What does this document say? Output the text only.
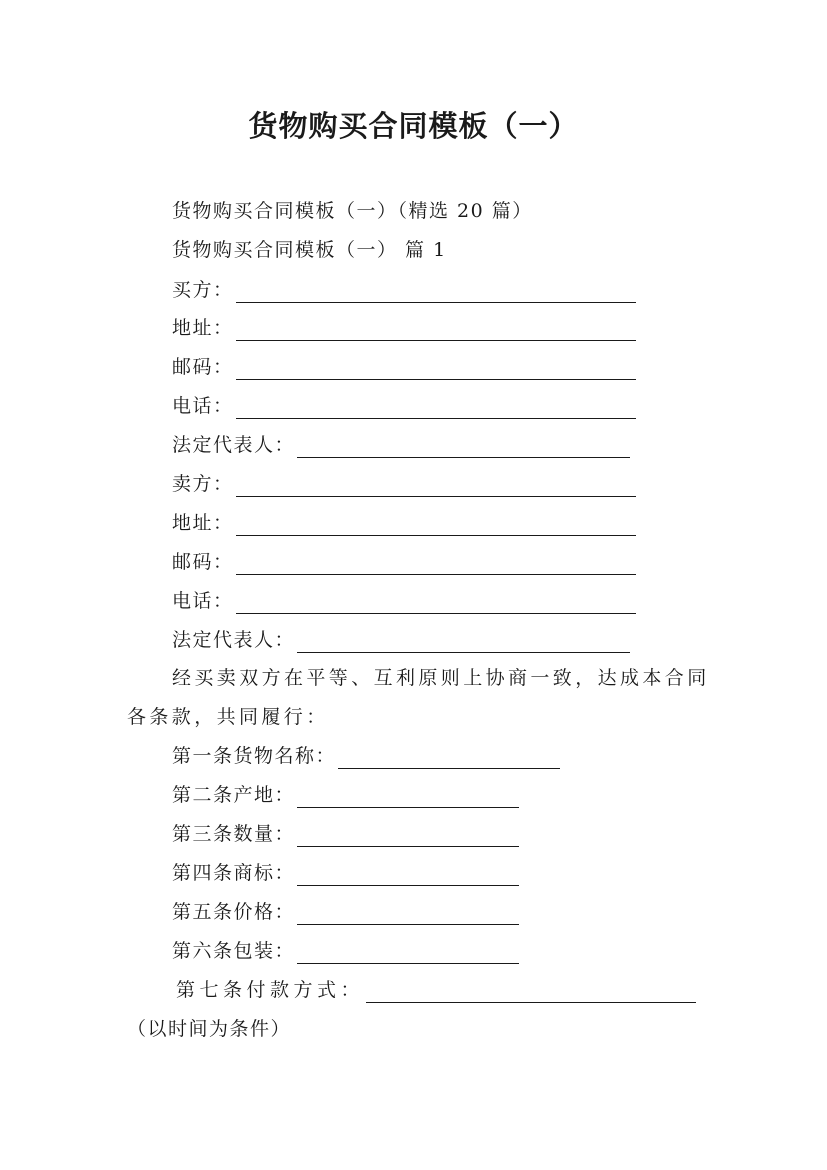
货物购买合同模板（一）
货物购买合同模板（一）（精选 20 篇）
货物购买合同模板（一） 篇 1
买方：
地址：
邮码：
电话：
法定代表人：
卖方：
地址：
邮码：
电话：
法定代表人：
经买卖双方在平等、互利原则上协商一致，达成本合同
各条款，共同履行：
第一条货物名称：
第二条产地：
第三条数量：
第四条商标：
第五条价格：
第六条包装：
第七条付款方式：
（以时间为条件）
